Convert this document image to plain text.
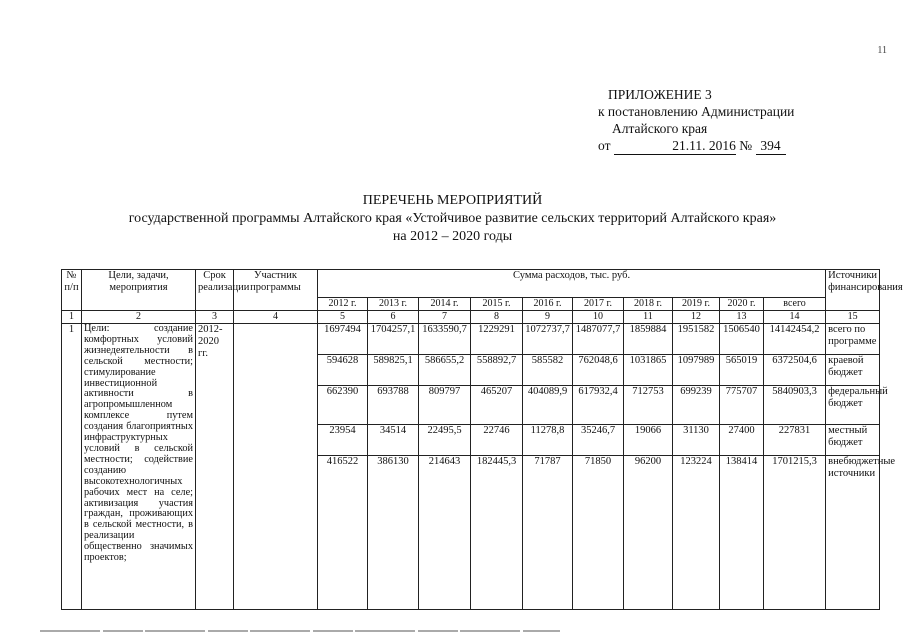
11
ПРИЛОЖЕНИЕ 3
к постановлению Администрации
Алтайского края
от	21.11. 2016 № 394
ПЕРЕЧЕНЬ МЕРОПРИЯТИЙ
государственной программы Алтайского края «Устойчивое развитие сельских территорий Алтайского края»
на 2012 – 2020 годы
№ п/п	Цели, задачи, мероприятия	Срок реализации	Участник программы	Сумма расходов, тыс. руб.										Источники финансирования
				2012 г.	2013 г.	2014 г.	2015 г.	2016 г.	2017 г.	2018 г.	2019 г.	2020 г.	всего	
1	2	3	4	5	6	7	8	9	10	11	12	13	14	15
1	Цели: создание комфортных условий жизнедеятельности в сельской местности; стимулирование инвестиционной активности в агропромышленном комплексе путем создания благоприятных инфраструктурных условий в сельской местности; содействие созданию высокотехнологичных рабочих мест на селе; активизация участия граждан, проживающих в сельской местности, в реализации общественно значимых проектов;	2012-2020 гг.		1697494	1704257,1	1633590,7	1229291	1072737,7	1487077,7	1859884	1951582	1506540	14142454,2	всего по программе
				594628	589825,1	586655,2	558892,7	585582	762048,6	1031865	1097989	565019	6372504,6	краевой бюджет
				662390	693788	809797	465207	404089,9	617932,4	712753	699239	775707	5840903,3	федеральный бюджет
				23954	34514	22495,5	22746	11278,8	35246,7	19066	31130	27400	227831	местный бюджет
				416522	386130	214643	182445,3	71787	71850	96200	123224	138414	1701215,3	внебюджетные источники
